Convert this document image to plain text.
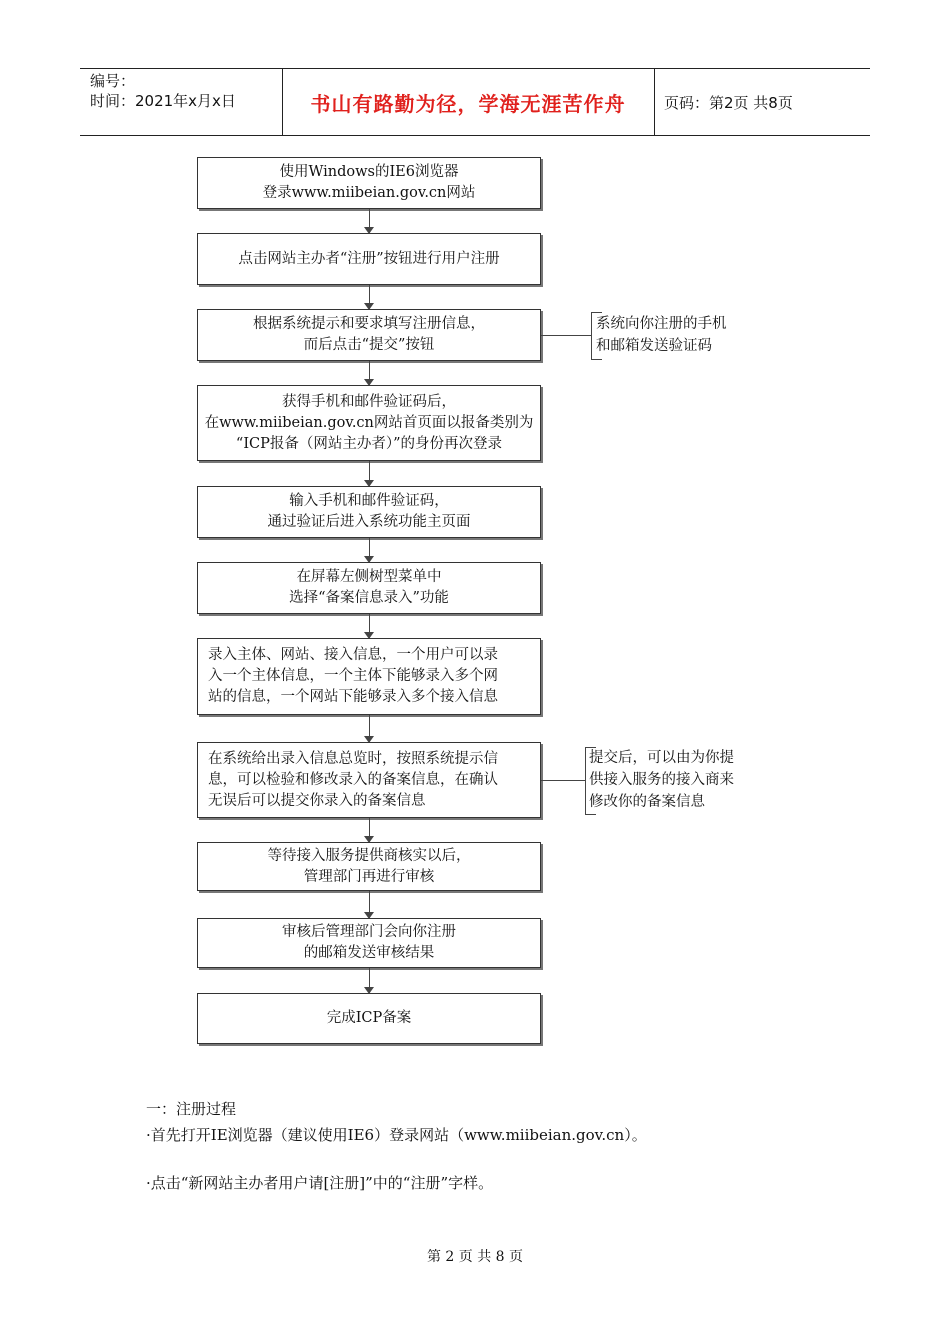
编号：
时间：2021年x月x日	书山有路勤为径，学海无涯苦作舟	页码：第2页 共8页
使用Windows的IE6浏览器
登录www.miibeian.gov.cn网站
点击网站主办者“注册”按钮进行用户注册
根据系统提示和要求填写注册信息，
而后点击“提交”按钮
获得手机和邮件验证码后，
在www.miibeian.gov.cn网站首页面以报备类别为
“ICP报备（网站主办者）”的身份再次登录
输入手机和邮件验证码，
通过验证后进入系统功能主页面
在屏幕左侧树型菜单中
选择“备案信息录入”功能
录入主体、网站、接入信息，一个用户可以录
入一个主体信息，一个主体下能够录入多个网
站的信息，一个网站下能够录入多个接入信息
在系统给出录入信息总览时，按照系统提示信
息，可以检验和修改录入的备案信息，在确认
无误后可以提交你录入的备案信息
等待接入服务提供商核实以后，
管理部门再进行审核
审核后管理部门会向你注册
的邮箱发送审核结果
完成ICP备案
系统向你注册的手机
和邮箱发送验证码
提交后，可以由为你提
供接入服务的接入商来
修改你的备案信息
一：注册过程
·首先打开IE浏览器（建议使用IE6）登录网站（www.miibeian.gov.cn）。
·点击“新网站主办者用户请[注册]”中的“注册”字样。
第 2 页 共 8 页
